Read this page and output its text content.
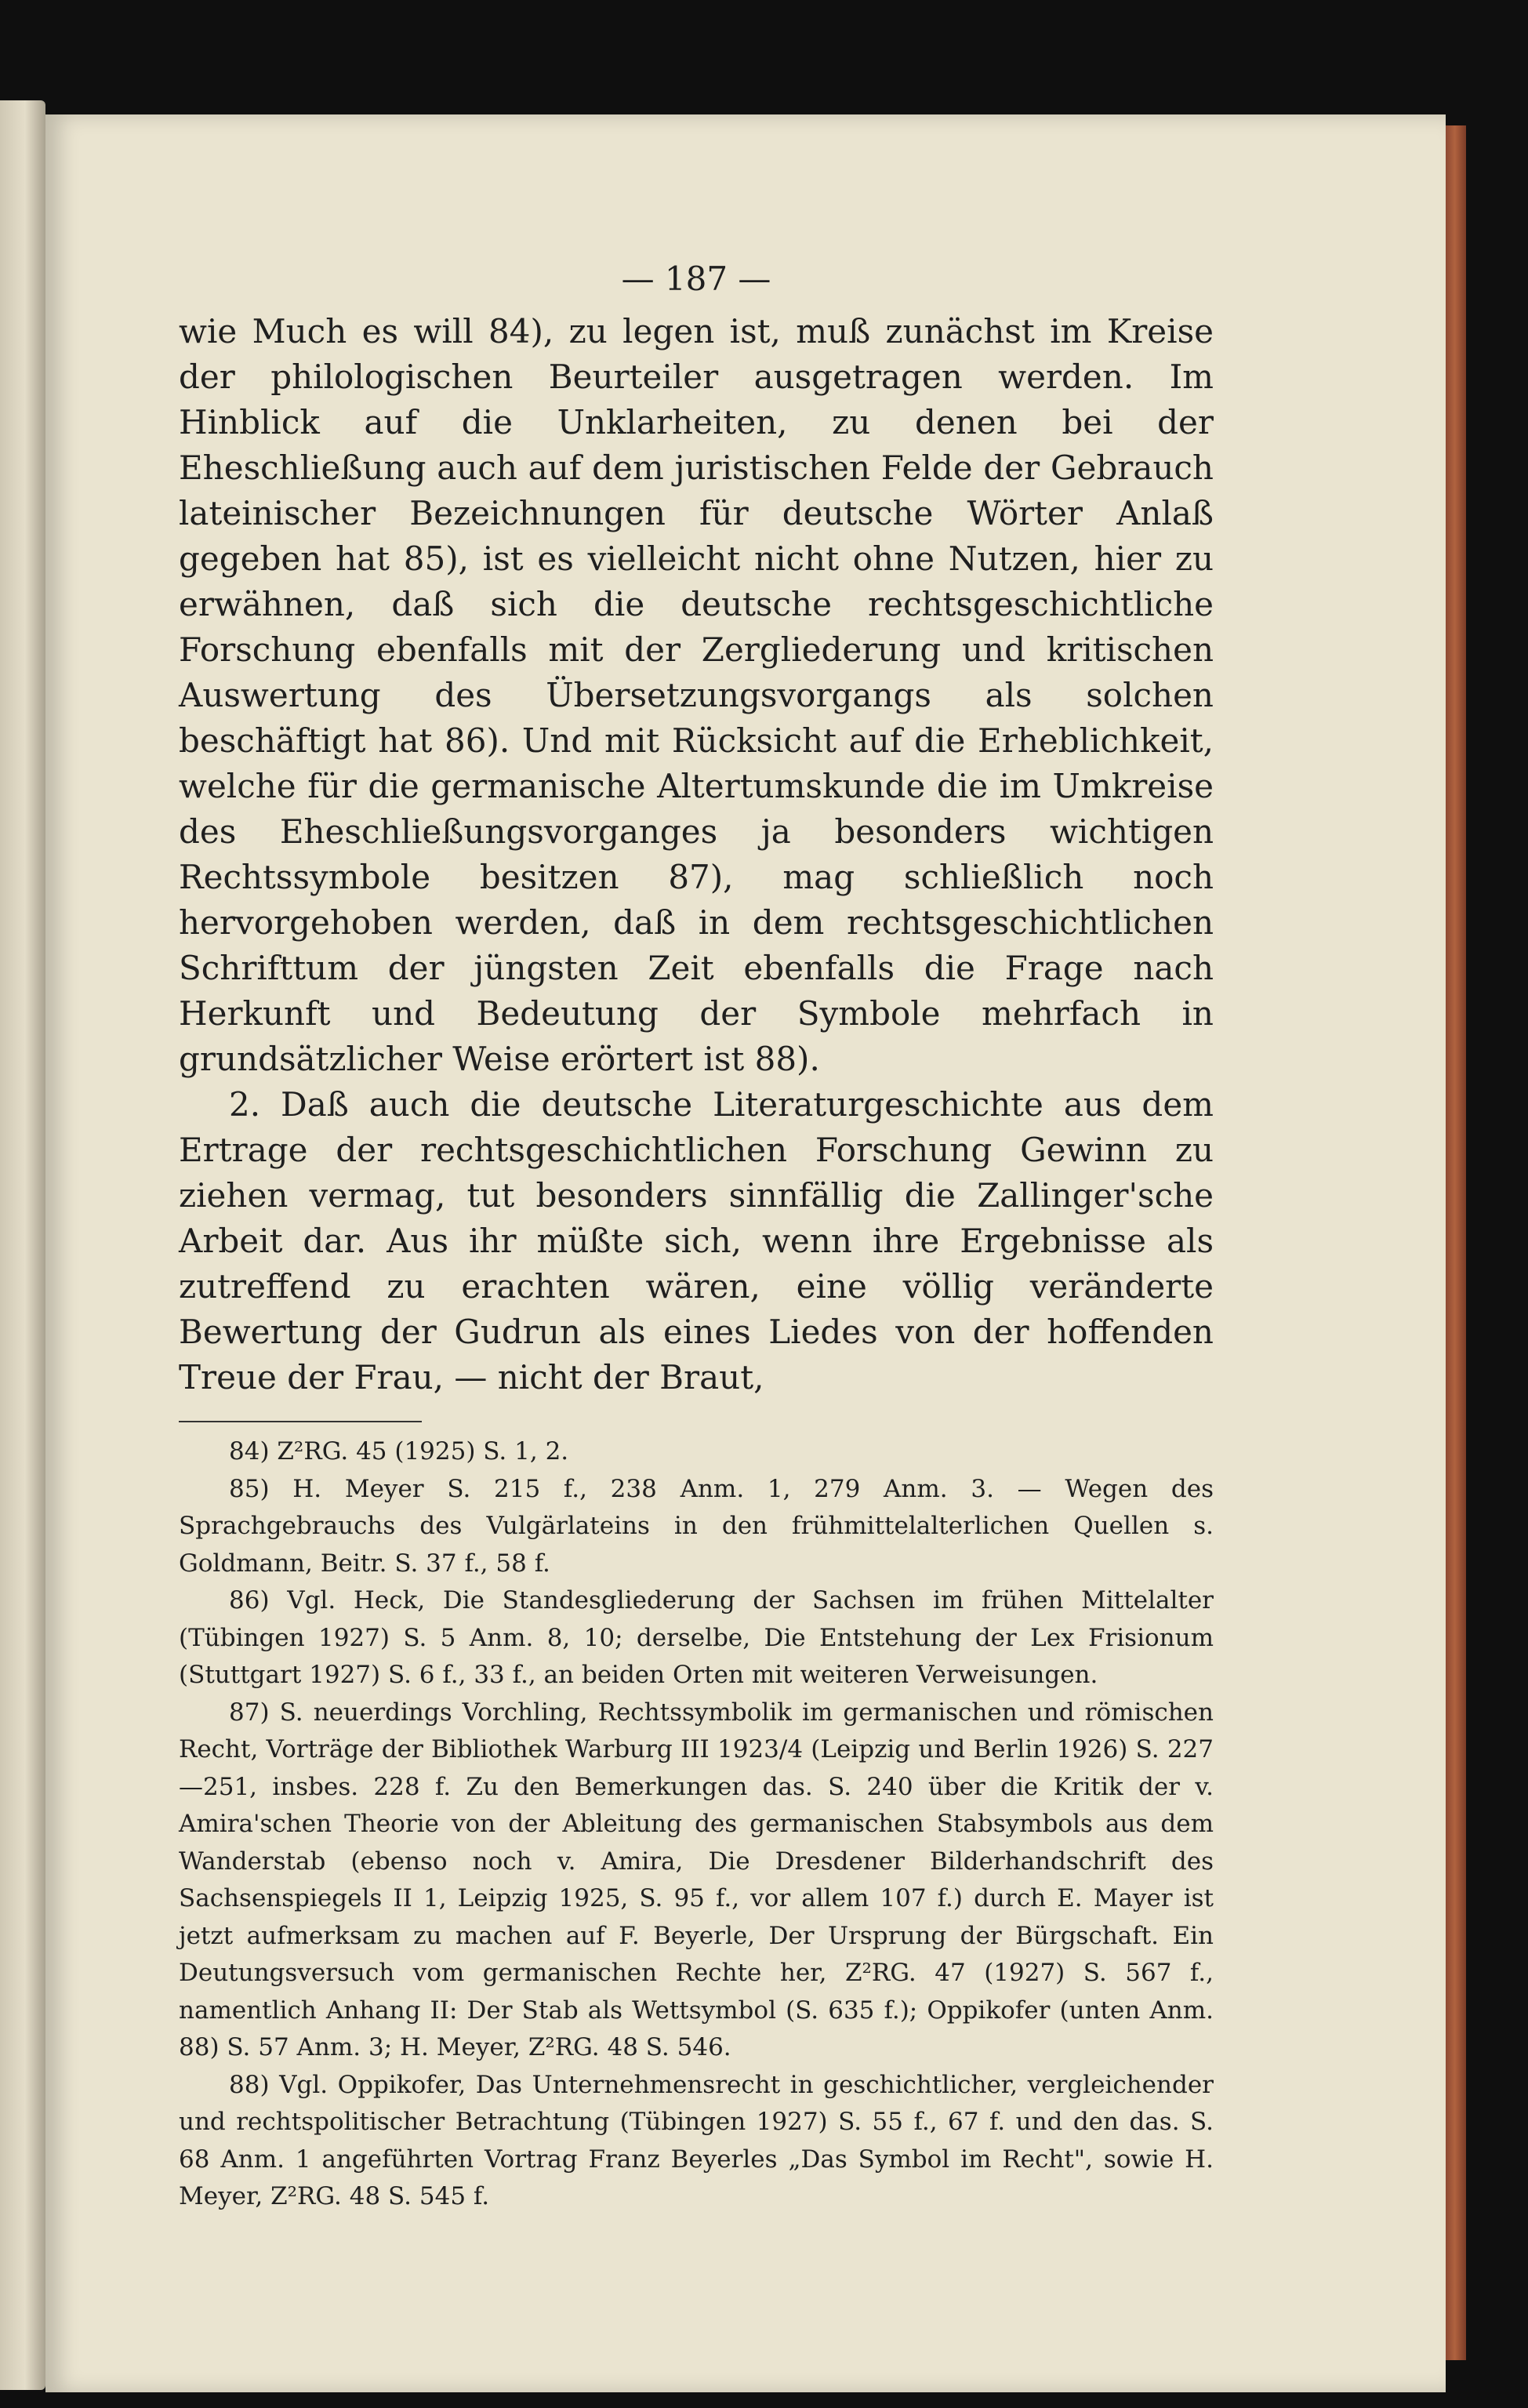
— 187 —

wie Much es will 84), zu legen ist, muß zunächst im Kreise der philologischen Beurteiler ausgetragen werden. Im Hinblick auf die Unklarheiten, zu denen bei der Eheschließung auch auf dem juristischen Felde der Gebrauch lateinischer Bezeichnungen für deutsche Wörter Anlaß gegeben hat 85), ist es vielleicht nicht ohne Nutzen, hier zu erwähnen, daß sich die deutsche rechtsgeschichtliche Forschung ebenfalls mit der Zergliederung und kritischen Auswertung des Übersetzungsvorgangs als solchen beschäftigt hat 86). Und mit Rücksicht auf die Erheblichkeit, welche für die germanische Altertumskunde die im Umkreise des Eheschließungsvorganges ja besonders wichtigen Rechtssymbole besitzen 87), mag schließlich noch hervorgehoben werden, daß in dem rechtsgeschichtlichen Schrifttum der jüngsten Zeit ebenfalls die Frage nach Herkunft und Bedeutung der Symbole mehrfach in grundsätzlicher Weise erörtert ist 88).

2. Daß auch die deutsche Literaturgeschichte aus dem Ertrage der rechtsgeschichtlichen Forschung Gewinn zu ziehen vermag, tut besonders sinnfällig die Zallinger'sche Arbeit dar. Aus ihr müßte sich, wenn ihre Ergebnisse als zutreffend zu erachten wären, eine völlig veränderte Bewertung der Gudrun als eines Liedes von der hoffenden Treue der Frau, — nicht der Braut,

84) Z²RG. 45 (1925) S. 1, 2.

85) H. Meyer S. 215 f., 238 Anm. 1, 279 Anm. 3. — Wegen des Sprachgebrauchs des Vulgärlateins in den frühmittelalterlichen Quellen s. Goldmann, Beitr. S. 37 f., 58 f.

86) Vgl. Heck, Die Standesgliederung der Sachsen im frühen Mittelalter (Tübingen 1927) S. 5 Anm. 8, 10; derselbe, Die Entstehung der Lex Frisionum (Stuttgart 1927) S. 6 f., 33 f., an beiden Orten mit weiteren Verweisungen.

87) S. neuerdings Vorchling, Rechtssymbolik im germanischen und römischen Recht, Vorträge der Bibliothek Warburg III 1923/4 (Leipzig und Berlin 1926) S. 227—251, insbes. 228 f. Zu den Bemerkungen das. S. 240 über die Kritik der v. Amira'schen Theorie von der Ableitung des germanischen Stabsymbols aus dem Wanderstab (ebenso noch v. Amira, Die Dresdener Bilderhandschrift des Sachsenspiegels II 1, Leipzig 1925, S. 95 f., vor allem 107 f.) durch E. Mayer ist jetzt aufmerksam zu machen auf F. Beyerle, Der Ursprung der Bürgschaft. Ein Deutungsversuch vom germanischen Rechte her, Z²RG. 47 (1927) S. 567 f., namentlich Anhang II: Der Stab als Wettsymbol (S. 635 f.); Oppikofer (unten Anm. 88) S. 57 Anm. 3; H. Meyer, Z²RG. 48 S. 546.

88) Vgl. Oppikofer, Das Unternehmensrecht in geschichtlicher, vergleichender und rechtspolitischer Betrachtung (Tübingen 1927) S. 55 f., 67 f. und den das. S. 68 Anm. 1 angeführten Vortrag Franz Beyerles „Das Symbol im Recht", sowie H. Meyer, Z²RG. 48 S. 545 f.
